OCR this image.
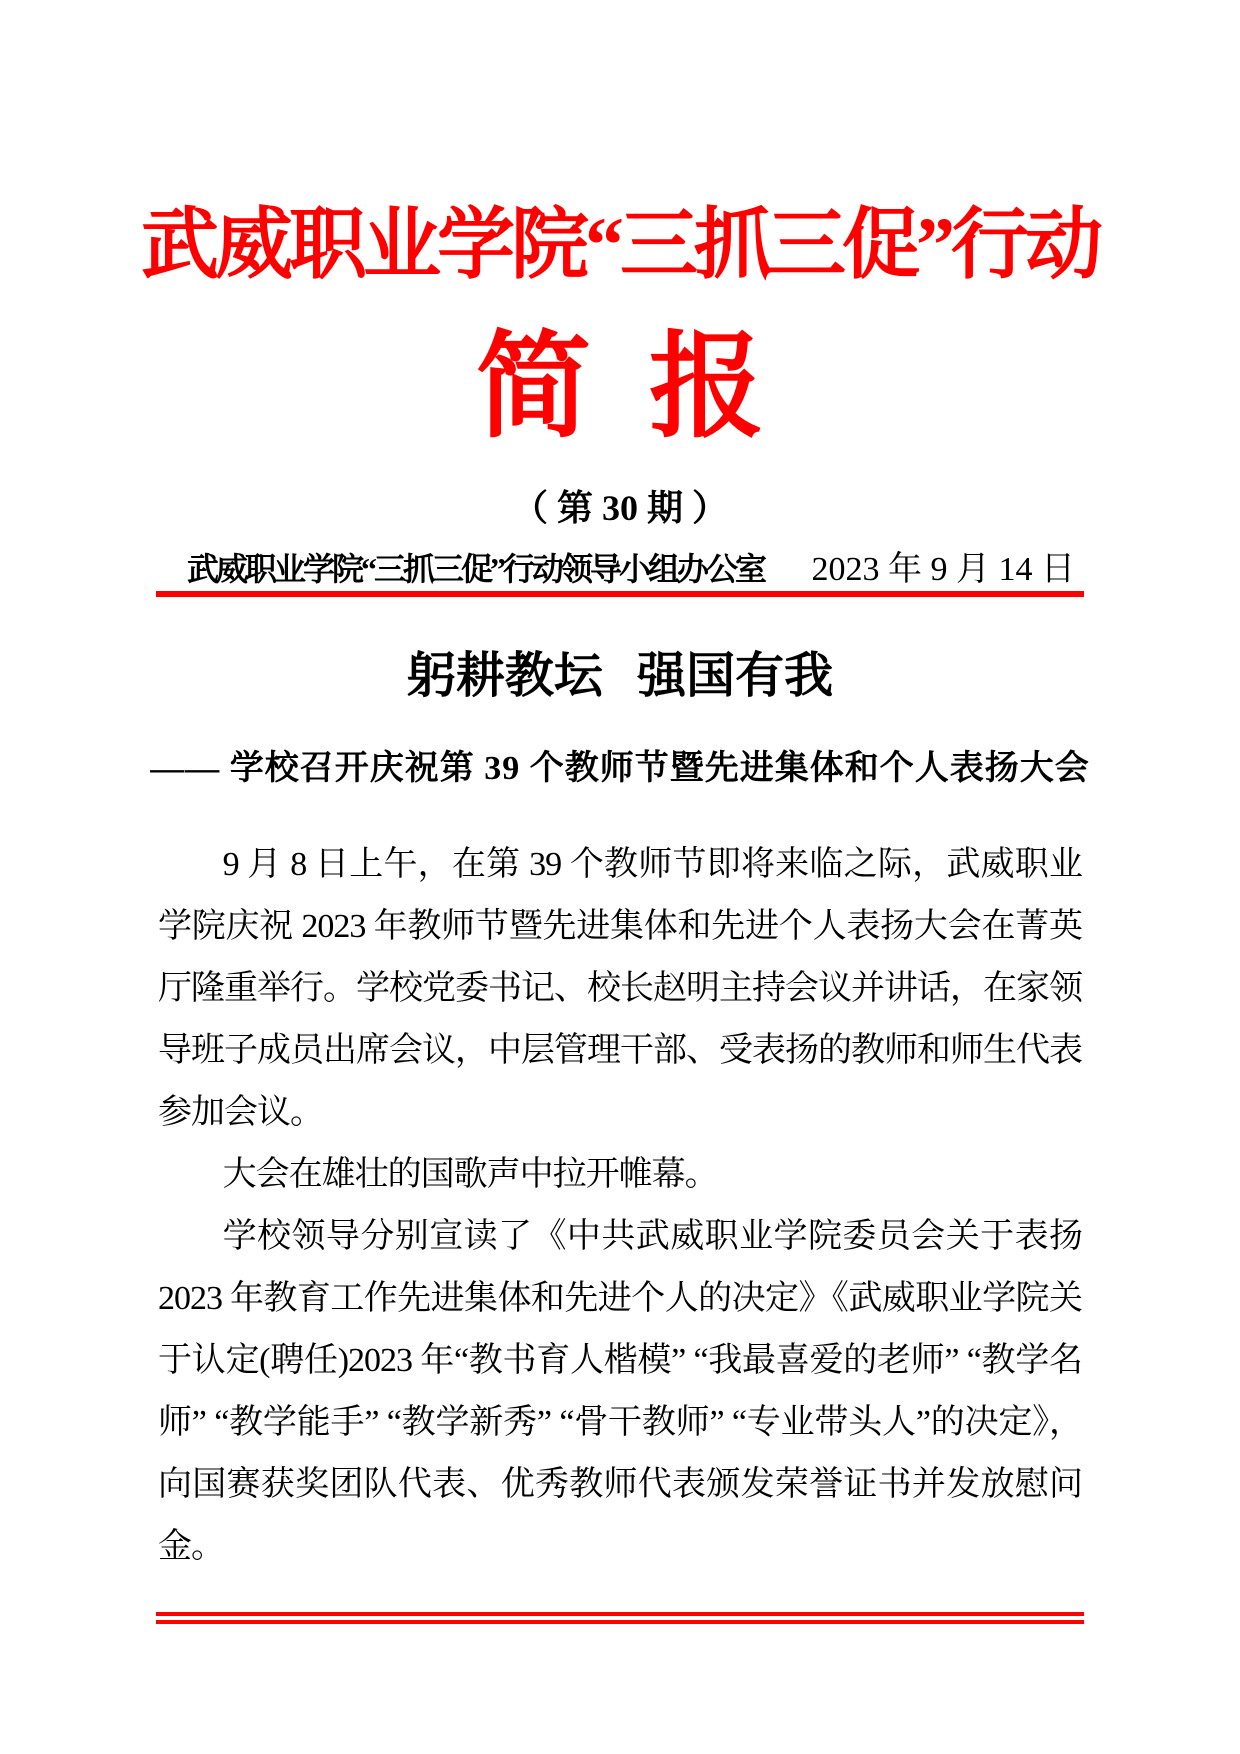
武威职业学院“三抓三促”行动
简 报
（ 第 30 期 ）
武威职业学院“三抓三促”行动领导小组办公室 2023 年 9 月 14 日
躬耕教坛 强国有我
—— 学校召开庆祝第 39 个教师节暨先进集体和个人表扬大会

9 月 8 日上午，在第 39 个教师节即将来临之际，武威职业学院庆祝 2023 年教师节暨先进集体和先进个人表扬大会在菁英厅隆重举行。学校党委书记、校长赵明主持会议并讲话，在家领导班子成员出席会议，中层管理干部、受表扬的教师和师生代表参加会议。

大会在雄壮的国歌声中拉开帷幕。

学校领导分别宣读了《中共武威职业学院委员会关于表扬 2023 年教育工作先进集体和先进个人的决定》《武威职业学院关于认定(聘任)2023 年“教书育人楷模” “我最喜爱的老师” “教学名师” “教学能手” “教学新秀” “骨干教师” “专业带头人”的决定》，向国赛获奖团队代表、优秀教师代表颁发荣誉证书并发放慰问金。
